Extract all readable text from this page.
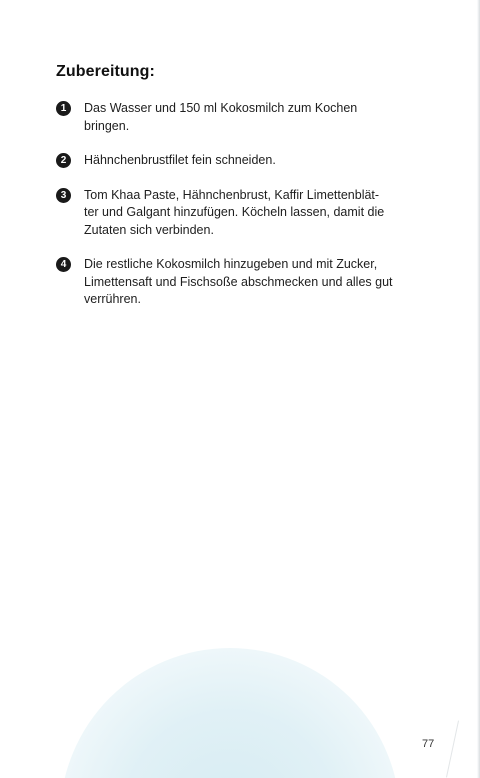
Zubereitung:
1	Das Wasser und 150 ml Kokosmilch zum Kochen
bringen.

2	Hähnchenbrustfilet fein schneiden.

3	Tom Khaa Paste, Hähnchenbrust, Kaffir Limettenblät-
ter und Galgant hinzufügen. Köcheln lassen, damit die
Zutaten sich verbinden.

4	Die restliche Kokosmilch hinzugeben und mit Zucker,
Limettensaft und Fischsoße abschmecken und alles gut
verrühren.

77
